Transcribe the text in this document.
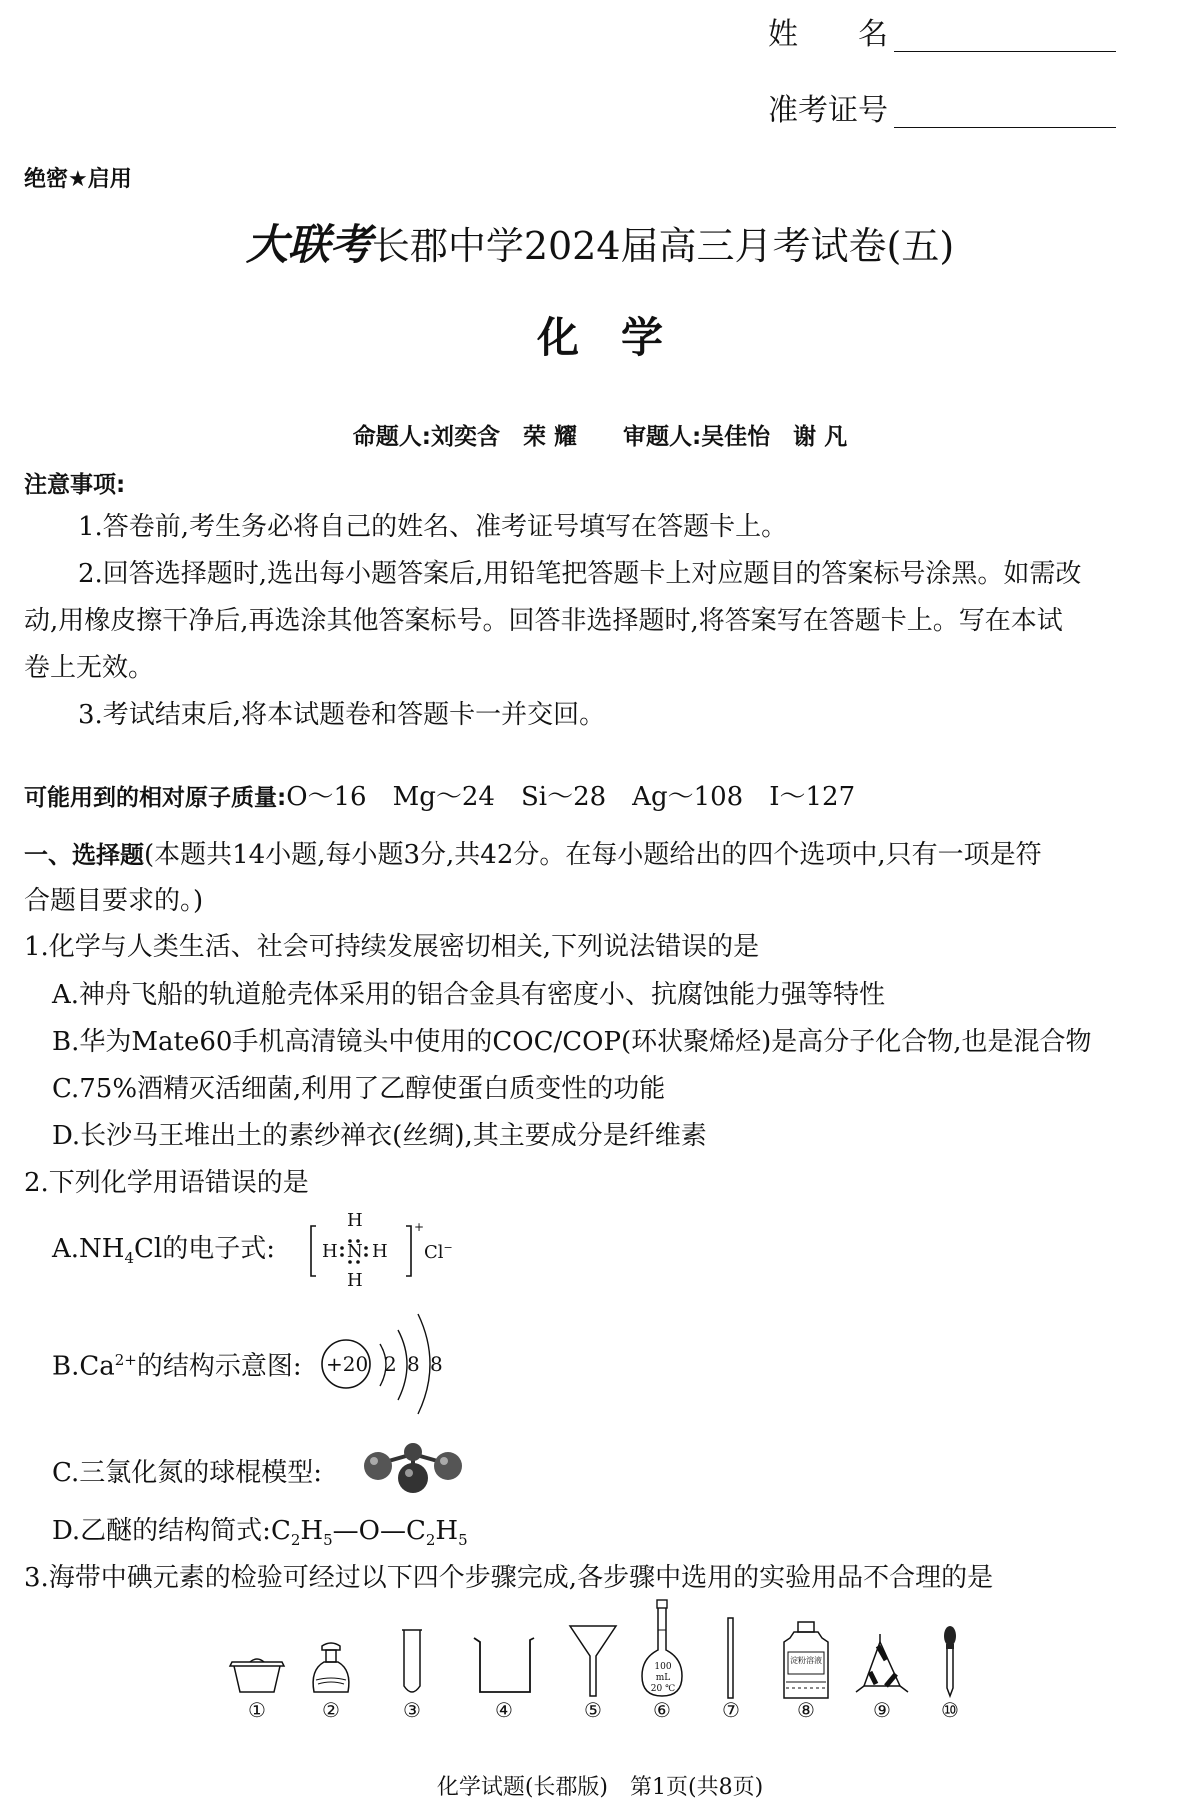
姓　　名
准考证号
绝密★启用
大联考长郡中学2024届高三月考试卷(五)
化　学
命题人:刘奕含　荣 耀　　审题人:吴佳怡　谢 凡
注意事项:
1.答卷前,考生务必将自己的姓名、准考证号填写在答题卡上。
2.回答选择题时,选出每小题答案后,用铅笔把答题卡上对应题目的答案标号涂黑。如需改
动,用橡皮擦干净后,再选涂其他答案标号。回答非选择题时,将答案写在答题卡上。写在本试
卷上无效。
3.考试结束后,将本试题卷和答题卡一并交回。
可能用到的相对原子质量:O～16　Mg～24　Si～28　Ag～108　I～127
一、选择题(本题共14小题,每小题3分,共42分。在每小题给出的四个选项中,只有一项是符
合题目要求的。)
1.化学与人类生活、社会可持续发展密切相关,下列说法错误的是
A.神舟飞船的轨道舱壳体采用的铝合金具有密度小、抗腐蚀能力强等特性
B.华为Mate60手机高清镜头中使用的COC/COP(环状聚烯烃)是高分子化合物,也是混合物
C.75%酒精灭活细菌,利用了乙醇使蛋白质变性的功能
D.长沙马王堆出土的素纱禅衣(丝绸),其主要成分是纤维素
2.下列化学用语错误的是
$A.NH_4Cl$的电子式:
H
H N H
H
+
Cl−
$B.Ca^{2+}$的结构示意图: +20 2 8 8
C.三氯化氮的球棍模型:
D.乙醚的结构简式$:C_2H_5—O—C_2H_5$
3.海带中碘元素的检验可经过以下四个步骤完成,各步骤中选用的实验用品不合理的是
100 mL
20 ℃
淀粉溶液
①	②	③	④	⑤	⑥	⑦	⑧	⑨	⑩
化学试题(长郡版)　第1页(共8页)
